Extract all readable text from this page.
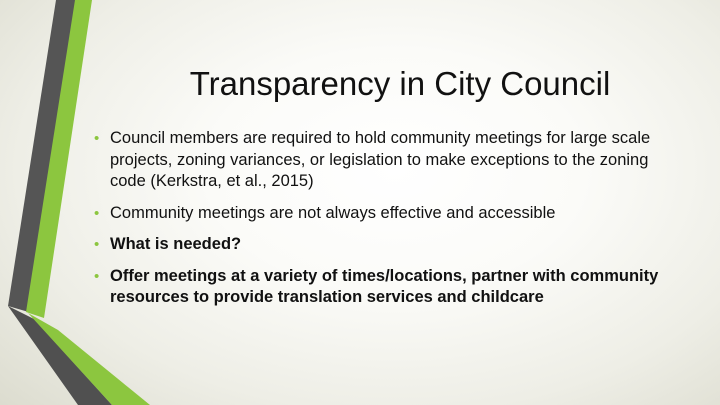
Transparency in City Council
• Council members are required to hold community meetings for large scale projects, zoning variances, or legislation to make exceptions to the zoning code (Kerkstra, et al., 2015)
• Community meetings are not always effective and accessible
• What is needed?
• Offer meetings at a variety of times/locations, partner with community resources to provide translation services and childcare
